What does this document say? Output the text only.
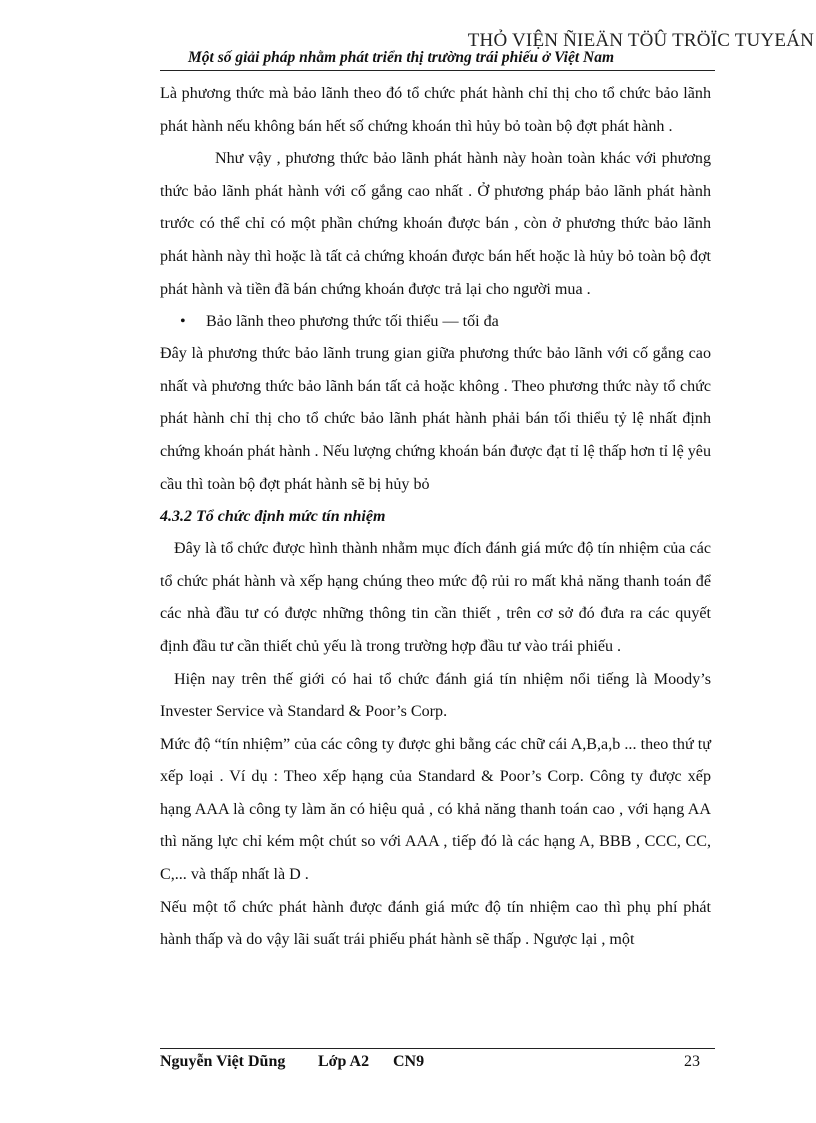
THỎ VIỆN ÑIEÄN TÖÛ TRÖÏC TUYEÁN
Một số giải pháp nhằm phát triển thị trường trái phiếu ở Việt Nam

Là phương thức mà bảo lãnh theo đó tổ chức phát hành chỉ thị cho tổ chức bảo lãnh phát hành nếu không bán hết số chứng khoán thì hủy bỏ toàn bộ đợt phát hành .

Như vậy , phương thức bảo lãnh phát hành này hoàn toàn khác với phương thức bảo lãnh phát hành với cố gắng cao nhất . Ở phương pháp bảo lãnh phát hành trước có thể chỉ có một phần chứng khoán được bán , còn ở phương thức bảo lãnh phát hành này thì hoặc là tất cả chứng khoán được bán hết hoặc là hủy bỏ toàn bộ đợt phát hành và tiền đã bán chứng khoán được trả lại cho người mua .

•	Bảo lãnh theo phương thức tối thiểu — tối đa

Đây là phương thức bảo lãnh trung gian giữa phương thức bảo lãnh với cố gắng cao nhất và phương thức bảo lãnh bán tất cả hoặc không . Theo phương thức này tổ chức phát hành chỉ thị cho tổ chức bảo lãnh phát hành phải bán tối thiểu tỷ lệ nhất định chứng khoán phát hành . Nếu lượng chứng khoán bán được đạt tỉ lệ thấp hơn tỉ lệ yêu cầu thì toàn bộ đợt phát hành sẽ bị hủy bỏ

4.3.2 Tổ chức định mức tín nhiệm

Đây là tổ chức được hình thành nhằm mục đích đánh giá mức độ tín nhiệm của các tổ chức phát hành và xếp hạng chúng theo mức độ rủi ro mất khả năng thanh toán để các nhà đầu tư có được những thông tin cần thiết , trên cơ sở đó đưa ra các quyết định đầu tư cần thiết chủ yếu là trong trường hợp đầu tư vào trái phiếu .

Hiện nay trên thế giới có hai tổ chức đánh giá tín nhiệm nổi tiếng là Moody’s Invester Service và Standard & Poor’s Corp.

Mức độ “tín nhiệm” của các công ty được ghi bằng các chữ cái A,B,a,b ... theo thứ tự xếp loại . Ví dụ : Theo xếp hạng của Standard & Poor’s Corp. Công ty được xếp hạng AAA là công ty làm ăn có hiệu quả , có khả năng thanh toán cao , với hạng AA thì năng lực chỉ kém một chút so với AAA , tiếp đó là các hạng A, BBB , CCC, CC, C,... và thấp nhất là D .

Nếu một tổ chức phát hành được đánh giá mức độ tín nhiệm cao thì phụ phí phát hành thấp và do vậy lãi suất trái phiếu phát hành sẽ thấp . Ngược lại , một

Nguyễn Việt Dũng Lớp A2 CN9	23
